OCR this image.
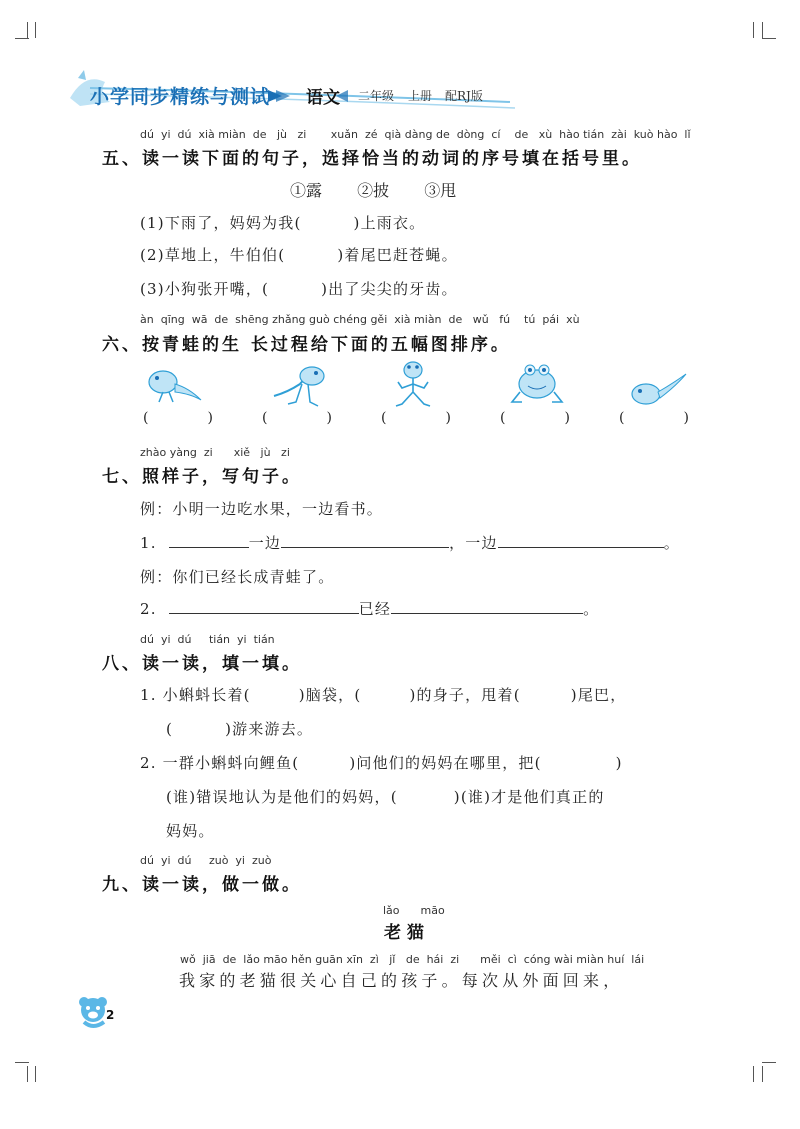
小学同步精练与测试 语文 二年级 上册 配RJ版
dú  yi  dú  xià miàn  de   jù   zi       xuǎn  zé  qià dàng de  dòng  cí    de   xù  hào tián  zài  kuò hào  lǐ
五、读一读下面的句子，选择恰当的动词的序号填在括号里。
①露 ②披 ③甩
(1)下雨了，妈妈为我(	)上雨衣。
(2)草地上，牛伯伯(	)着尾巴赶苍蝇。
(3)小狗张开嘴，(	)出了尖尖的牙齿。
àn  qīng  wā  de  shēng zhǎng guò chéng gěi  xià miàn  de   wǔ   fú    tú  pái  xù
六、按青蛙的生 长过程给下面的五幅图排序。
(	)	(	)	(	)	(	)	(	)
zhào yàng  zi      xiě   jù   zi
七、照样子，写句子。
例：小明一边吃水果，一边看书。
1.	一边	，一边	。
例：你们已经长成青蛙了。
2.	已经	。
dú  yi  dú     tián  yi  tián
八、读一读，填一填。
1. 小蝌蚪长着(	)脑袋，(	)的身子，甩着(	)尾巴，
(	)游来游去。
2. 一群小蝌蚪向鲤鱼(	)问他们的妈妈在哪里，把(	)
(谁)错误地认为是他们的妈妈，(	)(谁)才是他们真正的
妈妈。
dú  yi  dú     zuò  yi  zuò
九、读一读，做一做。
lǎo      māo
老 猫
wǒ  jiā  de  lǎo māo hěn guān xīn  zì   jǐ   de  hái  zi      měi  cì  cóng wài miàn huí  lái
我家的老猫很关心自己的孩子。每次从外面回来，
2
